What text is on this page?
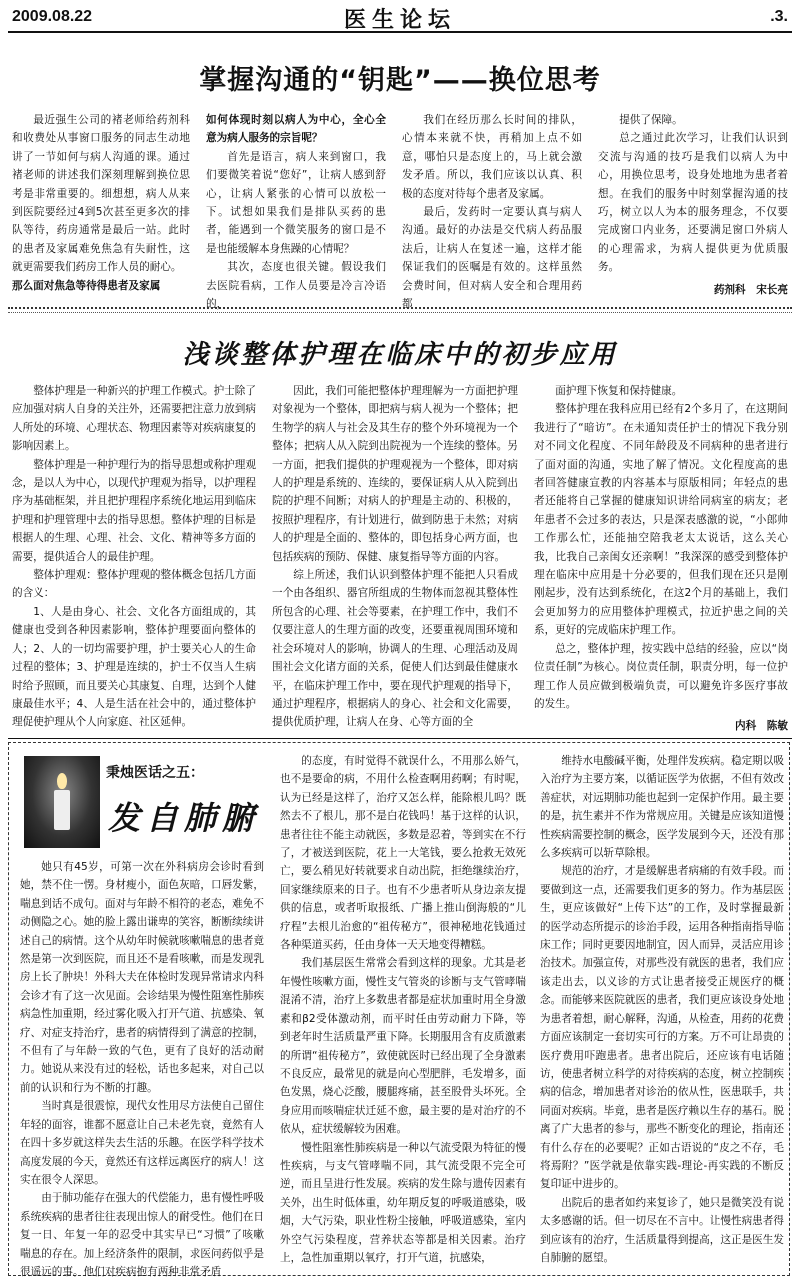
2009.08.22	医生论坛	.3.
掌握沟通的“钥匙”——换位思考

最近强生公司的褚老师给药剂科和收费处从事窗口服务的同志生动地讲了一节如何与病人沟通的课。通过褚老师的讲述我们深刻理解到换位思考是非常重要的。细想想，病人从来到医院要经过4到5次甚至更多次的排队等待，药房通常是最后一站。此时的患者及家属难免焦急有失耐性，这就更需要我们药房工作人员的耐心。

那么面对焦急等待得患者及家属

如何体现时刻以病人为中心，全心全意为病人服务的宗旨呢？

首先是语言，病人来到窗口，我们要微笑着说“您好”，让病人感到舒心，让病人紧张的心情可以放松一下。试想如果我们是排队买药的患者，能遇到一个微笑服务的窗口是不是也能缓解本身焦躁的心情呢？

其次，态度也很关键。假设我们去医院看病，工作人员要是冷言冷语的，

我们在经历那么长时间的排队，心情本来就不快，再稍加上点不如意，哪怕只是态度上的，马上就会激发矛盾。所以，我们应该以认真、积极的态度对待每个患者及家属。

最后，发药时一定要认真与病人沟通。最好的办法是交代病人药品服法后，让病人在复述一遍，这样才能保证我们的医嘱是有效的。这样虽然会费时间，但对病人安全和合理用药都

提供了保障。

总之通过此次学习，让我们认识到交流与沟通的技巧是我们以病人为中心，用换位思考，设身处地地为患者着想。在我们的服务中时刻掌握沟通的技巧，树立以人为本的服务理念，不仅要完成窗口内业务，还要满足窗口外病人的心理需求，为病人提供更为优质服务。

药剂科　宋长亮

浅谈整体护理在临床中的初步应用

整体护理是一种新兴的护理工作模式。护士除了应加强对病人自身的关注外，还需要把注意力放到病人所处的环境、心理状态、物理因素等对疾病康复的影响因素上。

整体护理是一种护理行为的指导思想或称护理观念，是以人为中心，以现代护理观为指导，以护理程序为基础框架，并且把护理程序系统化地运用到临床护理和护理管理中去的指导思想。整体护理的目标是根据人的生理、心理、社会、文化、精神等多方面的需要，提供适合人的最佳护理。

整体护理观：整体护理观的整体概念包括几方面的含义：

1、人是由身心、社会、文化各方面组成的，其健康也受到各种因素影响，整体护理要面向整体的人；2、人的一切均需要护理，护士要关心人的生命过程的整体；3、护理是连续的，护士不仅当人生病时给予照顾，而且要关心其康复、自理，达到个人健康最佳水平；4、人是生活在社会中的，通过整体护理促使护理从个人向家庭、社区延伸。

因此，我们可能把整体护理理解为一方面把护理对象视为一个整体，即把病与病人视为一个整体；把生物学的病人与社会及其生存的整个外环境视为一个整体；把病人从入院到出院视为一个连续的整体。另一方面，把我们提供的护理观视为一个整体，即对病人的护理是系统的、连续的，要保证病人从入院到出院的护理不间断；对病人的护理是主动的、积极的，按照护理程序，有计划进行，做到防患于未然；对病人的护理是全面的、整体的，即包括身心两方面，也包括疾病的预防、保健、康复指导等方面的内容。

综上所述，我们认识到整体护理不能把人只看成一个由各组织、器官所组成的生物体而忽视其整体性所包含的心理、社会等要素，在护理工作中，我们不仅要注意人的生理方面的改变，还要重视周围环境和社会环境对人的影响，协调人的生理、心理活动及周围社会文化诸方面的关系，促使人们达到最佳健康水平，在临床护理工作中，要在现代护理观的指导下，通过护理程序，根据病人的身心、社会和文化需要，提供优质护理，让病人在身、心等方面的全

面护理下恢复和保持健康。

整体护理在我科应用已经有2个多月了，在这期间我进行了“暗访”。在未通知责任护士的情况下我分别对不同文化程度、不同年龄段及不同病种的患者进行了面对面的沟通，实地了解了情况。文化程度高的患者回答健康宣教的内容基本与原版相同；年轻点的患者还能将自己掌握的健康知识讲给同病室的病友；老年患者不会过多的表达，只是深表感激的说，“小郎帅工作那么忙，还能抽空陪我老太太说话，这么关心我，比我自己亲闺女还亲啊！”我深深的感受到整体护理在临床中应用是十分必要的，但我们现在还只是刚刚起步，没有达到系统化，在这2个月的基础上，我们会更加努力的应用整体护理模式，拉近护患之间的关系，更好的完成临床护理工作。

总之，整体护理，按实践中总结的经验，应以“岗位责任制”为核心。岗位责任制，职责分明，每一位护理工作人员应做到极端负责，可以避免许多医疗事故的发生。

内科　陈敏

秉烛医话之五：
发自肺腑

她只有45岁，可第一次在外科病房会诊时看到她，禁不住一愣。身材瘦小，面色灰暗，口唇发紫，喘息到话不成句。面对与年龄不相符的老态，难免不动侧隐之心。她的脸上露出谦卑的笑容，断断续续讲述自己的病情。这个从幼年时候就咳嗽喘息的患者竟然是第一次到医院，而且还不是看咳嗽，而是发现乳房上长了肿块！外科大夫在体检时发现异常请求内科会诊才有了这一次见面。会诊结果为慢性阻塞性肺疾病急性加重期，经过雾化吸入打开气道、抗感染、氧疗、对症支持治疗，患者的病情得到了满意的控制，不但有了与年龄一致的气色，更有了良好的活动耐力。她说从来没有过的轻松，话也多起来，对自己以前的认识和行为不断的打趣。

当时真是很震惊，现代女性用尽方法使自己留住年轻的面容，谁都不愿意让自己未老先衰，竟然有人在四十多岁就这样失去生活的乐趣。在医学科学技术高度发展的今天，竟然还有这样远离医疗的病人！这实在很令人深思。

由于肺功能存在强大的代偿能力，患有慢性呼吸系统疾病的患者往往表现出惊人的耐受性。他们在日复一日、年复一年的忍受中其实早已“习惯”了咳嗽喘息的存在。加上经济条件的限制，求医问药似乎是很遥远的事。他们对疾病抱有两种非常矛盾

的态度，有时觉得不就误什么，不用那么娇气，也不是要命的病，不用什么检查啊用药啊；有时呢，认为已经是这样了，治疗又怎么样，能除根儿吗？既然去不了根儿，那不是白花钱吗！基于这样的认识，患者往往不能主动就医，多数是忍着，等到实在不行了，才被送到医院，花上一大笔钱，要么抢救无效死亡，要么稍见好转就要求自动出院，拒绝继续治疗，回家继续原来的日子。也有不少患者听从身边亲友提供的信息，或者听取报纸、广播上推山倒海般的“儿疗程”去根儿治愈的“祖传秘方”，很神秘地花钱通过各种渠道买药，任由身体一天天地变得糟糕。

我们基层医生常常会看到这样的现象。尤其是老年慢性咳嗽方面，慢性支气管炎的诊断与支气管哮喘混淆不清，治疗上多数患者都是症状加重时用全身激素和β2受体激动剂，而平时任由劳动耐力下降，等到老年时生活质量严重下降。长期服用含有皮质激素的所谓“祖传秘方”，致使就医时已经出现了全身激素不良反应，最常见的就是向心型肥胖，毛发增多，面色发黑，烧心泛酸，腰腿疼痛，甚至股骨头坏死。全身应用而咳喘症状迁延不愈，最主要的是对治疗的不依从，症状缓解较为困难。

慢性阻塞性肺疾病是一种以气流受限为特征的慢性疾病，与支气管哮喘不同，其气流受限不完全可逆，而且呈进行性发展。疾病的发生除与遗传因素有关外，出生时低体重，幼年期反复的呼吸道感染，吸烟，大气污染，职业性粉尘接触，呼吸道感染，室内外空气污染程度，营养状态等都是相关因素。治疗上，急性加重期以氧疗，打开气道，抗感染，

维持水电酸碱平衡，处理伴发疾病。稳定期以吸入治疗为主要方案，以循证医学为依据，不但有效改善症状，对远期肺功能也起到一定保护作用。最主要的是，抗生素并不作为常规应用。关键是应该知道慢性疾病需要控制的概念，医学发展到今天，还没有那么多疾病可以斩草除根。

规范的治疗，才是缓解患者病痛的有效手段。而要做到这一点，还需要我们更多的努力。作为基层医生，更应该做好“上传下达”的工作，及时掌握最新的医学动态所提示的诊治手段，运用各种指南指导临床工作；同时更要因地制宜，因人而异，灵活应用诊治技术。加强宣传，对那些没有就医的患者，我们应该走出去，以义诊的方式让患者接受正规医疗的概念。而能够来医院就医的患者，我们更应该设身处地为患者着想，耐心解释，沟通，从检查，用药的花费方面应该制定一套切实可行的方案。万不可让昂贵的医疗费用吓跑患者。患者出院后，还应该有电话随访，使患者树立科学的对待疾病的态度，树立控制疾病的信念，增加患者对诊治的依从性，医患联手，共同面对疾病。毕竟，患者是医疗赖以生存的基石。脱离了广大患者的参与，那些不断变化的理论，指南还有什么存在的必要呢？正如古语说的“皮之不存，毛将焉附？”医学就是依靠实践-理论-再实践的不断反复印证中进步的。

出院后的患者如约来复诊了，她只是微笑没有说太多感谢的话。但一切尽在不言中。让慢性病患者得到应该有的治疗，生活质量得到提高，这正是医生发自肺腑的愿望。
